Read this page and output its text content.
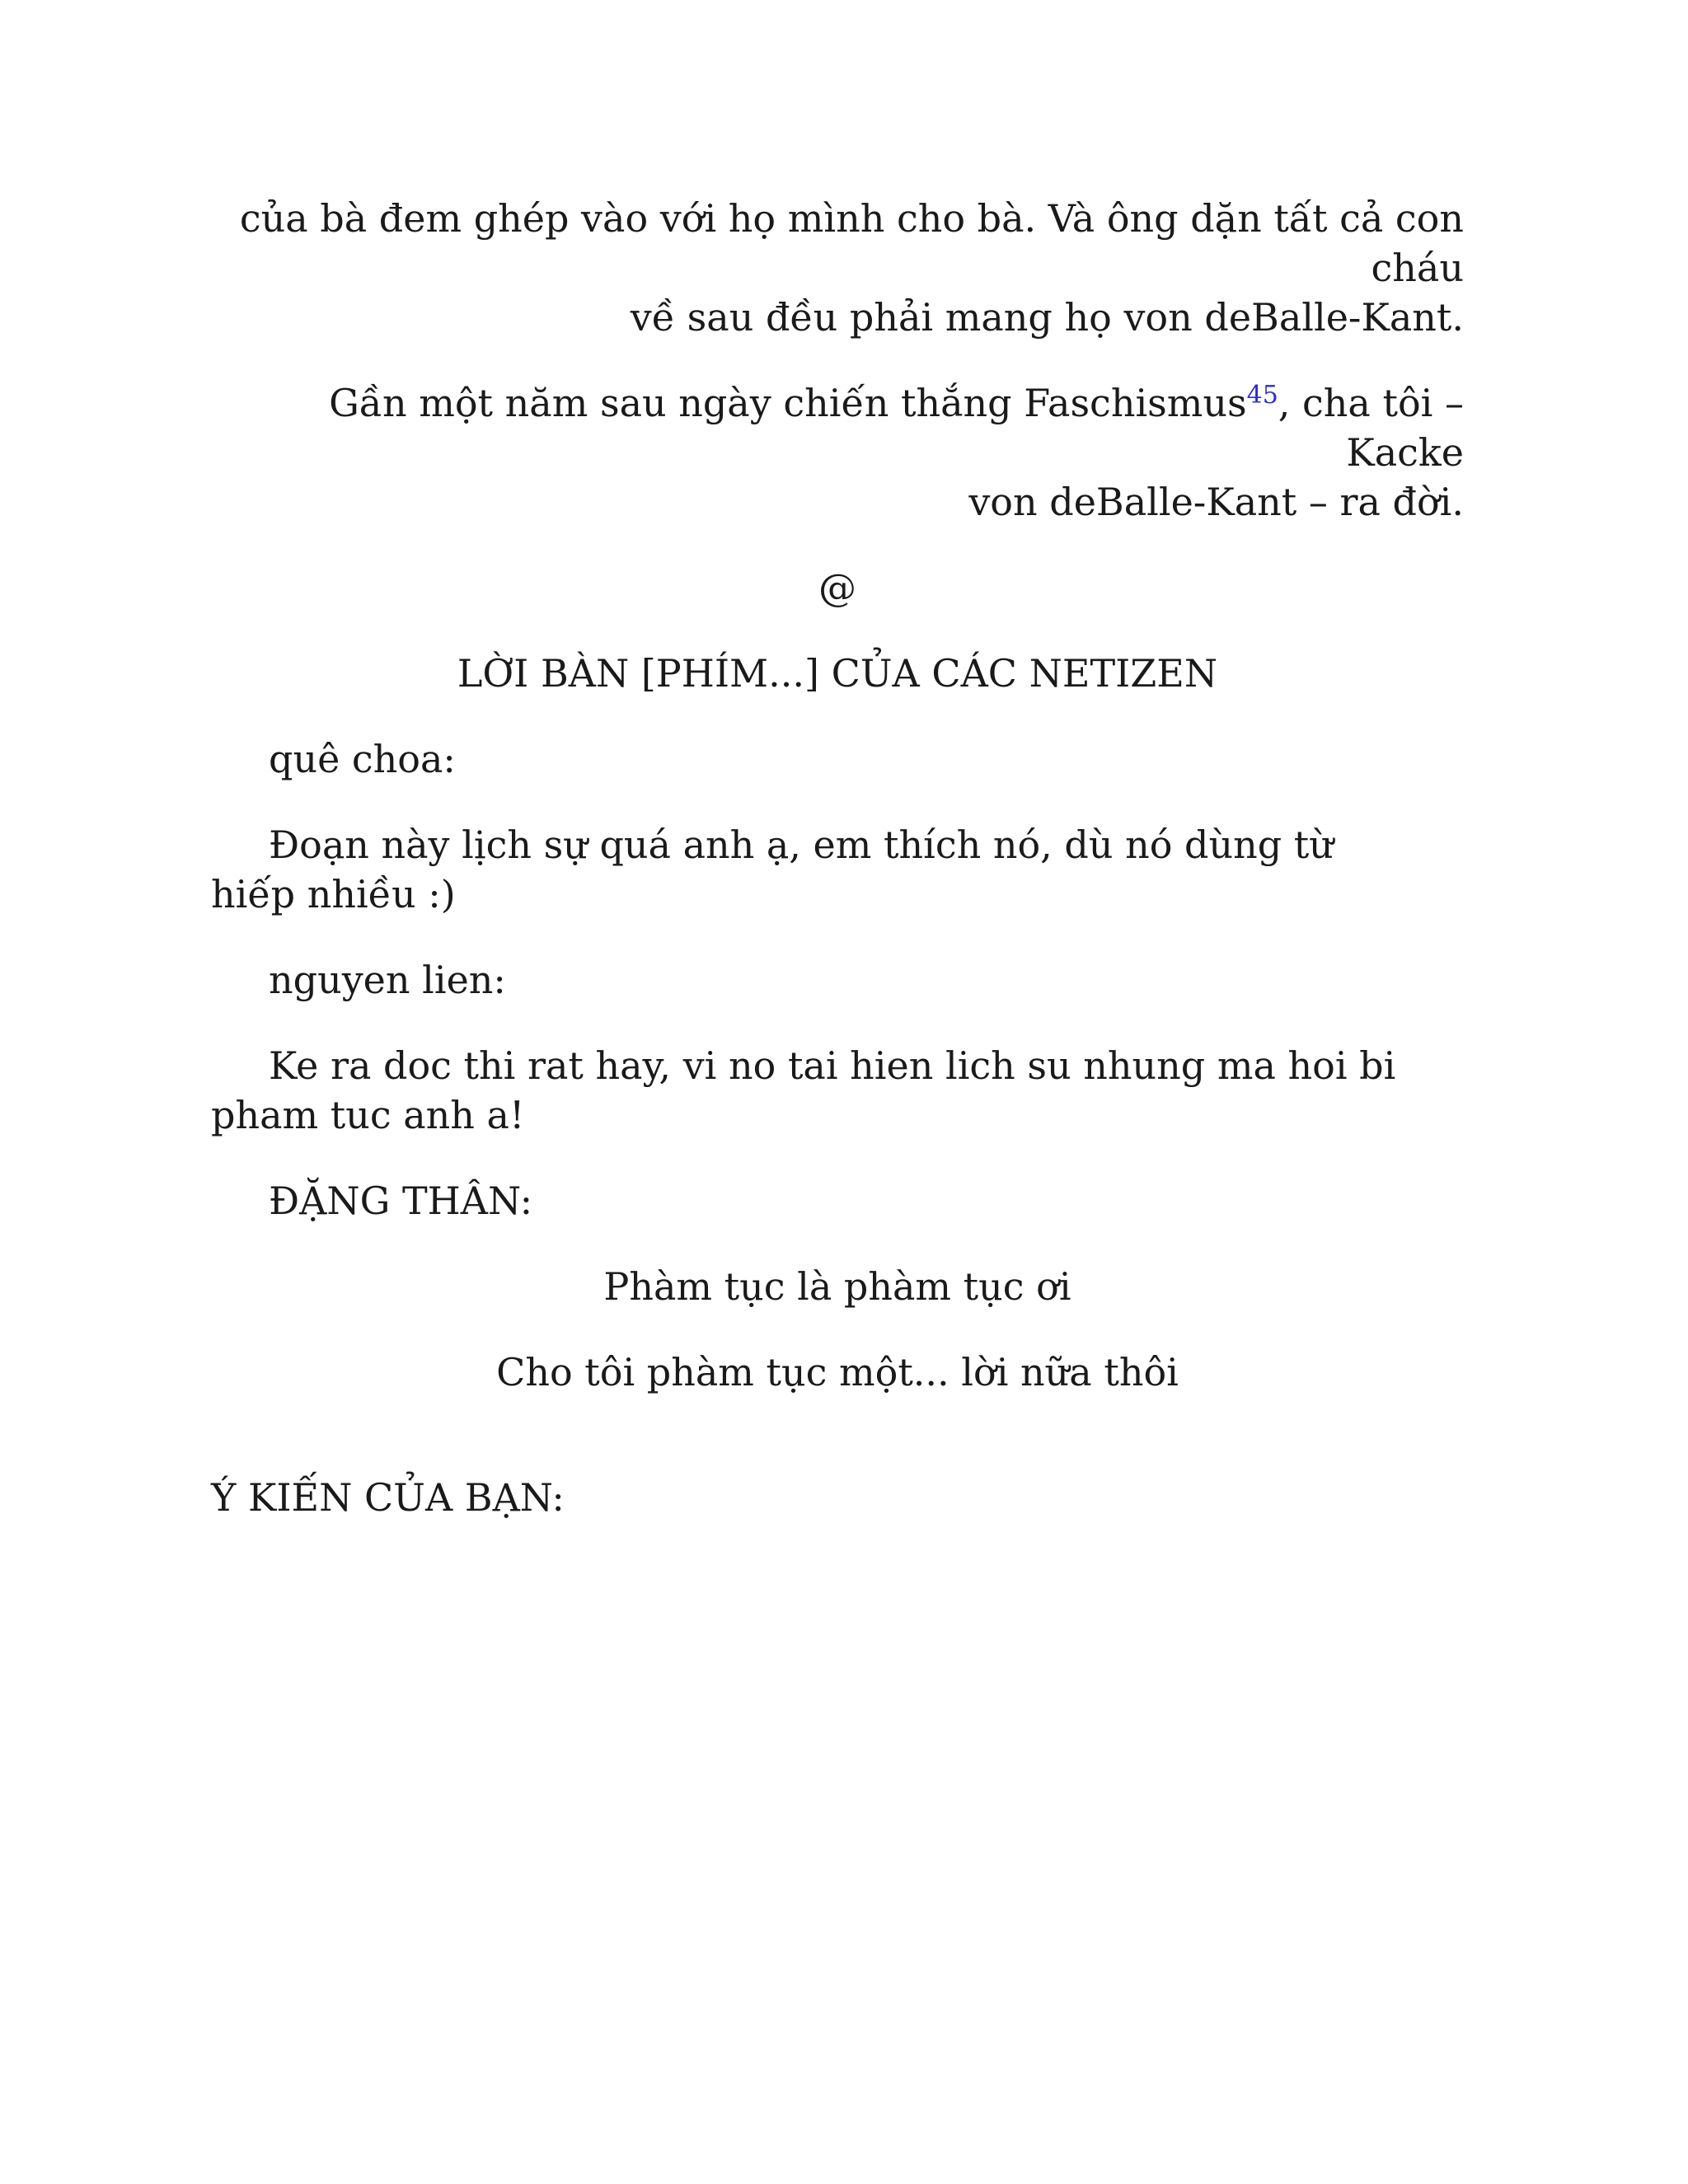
của bà đem ghép vào với họ mình cho bà. Và ông dặn tất cả con cháu

về sau đều phải mang họ von deBalle-Kant.

Gần một năm sau ngày chiến thắng Faschismus$^{45}$, cha tôi – Kacke

von deBalle-Kant – ra đời.

@

LỜI BÀN [PHÍM...] CỦA CÁC NETIZEN

quê choa:

Đoạn này lịch sự quá anh ạ, em thích nó, dù nó dùng từ hiếp nhiều :)

nguyen lien:

Ke ra doc thi rat hay, vi no tai hien lich su nhung ma hoi bi pham tuc anh a!

ĐẶNG THÂN:

Phàm tục là phàm tục ơi

Cho tôi phàm tục một... lời nữa thôi

Ý KIẾN CỦA BẠN:
